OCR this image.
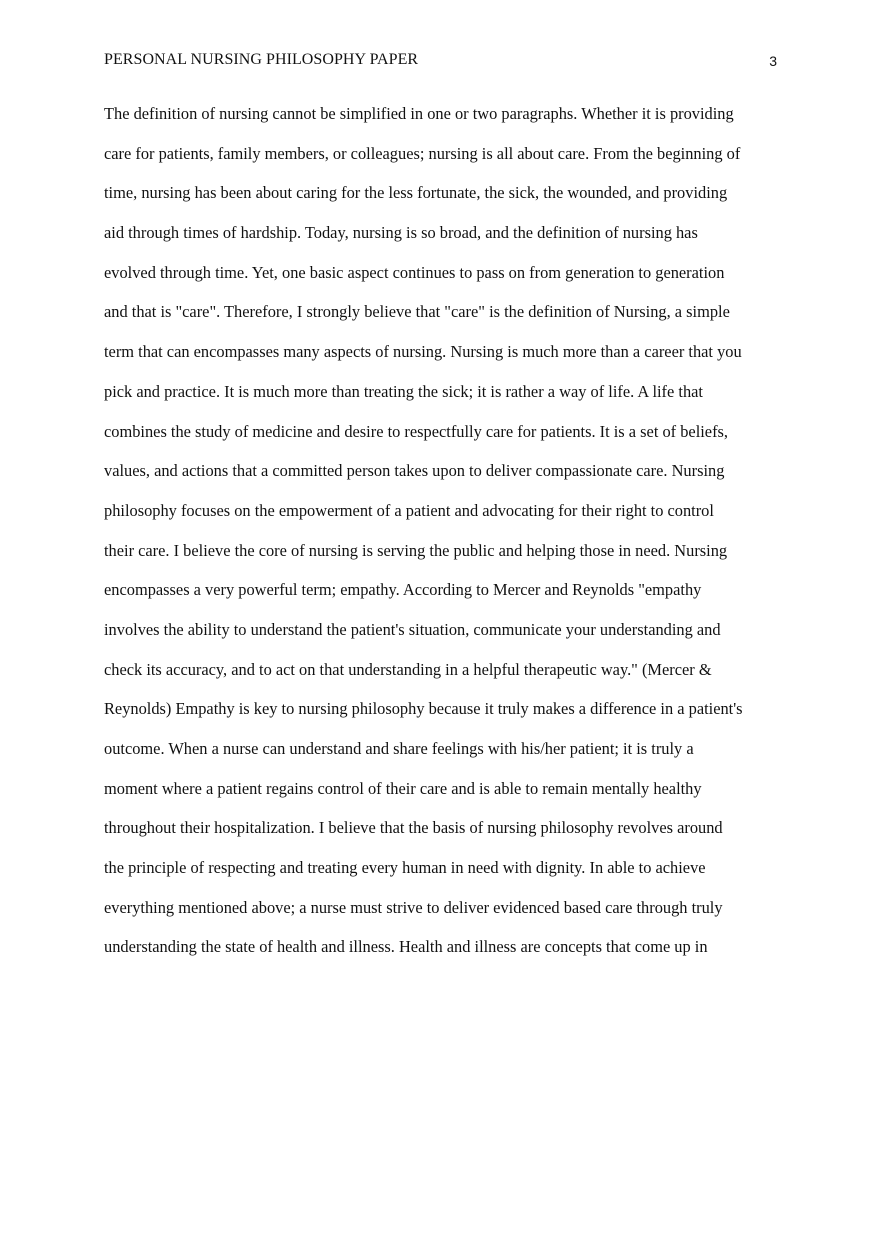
PERSONAL NURSING PHILOSOPHY PAPER	3
The definition of nursing cannot be simplified in one or two paragraphs. Whether it is providing
care for patients, family members, or colleagues; nursing is all about care. From the beginning of
time, nursing has been about caring for the less fortunate, the sick, the wounded, and providing
aid through times of hardship. Today, nursing is so broad, and the definition of nursing has
evolved through time. Yet, one basic aspect continues to pass on from generation to generation
and that is "care". Therefore, I strongly believe that "care" is the definition of Nursing, a simple
term that can encompasses many aspects of nursing. Nursing is much more than a career that you
pick and practice. It is much more than treating the sick; it is rather a way of life. A life that
combines the study of medicine and desire to respectfully care for patients. It is a set of beliefs,
values, and actions that a committed person takes upon to deliver compassionate care. Nursing
philosophy focuses on the empowerment of a patient and advocating for their right to control
their care. I believe the core of nursing is serving the public and helping those in need. Nursing
encompasses a very powerful term; empathy. According to Mercer and Reynolds "empathy
involves the ability to understand the patient's situation, communicate your understanding and
check its accuracy, and to act on that understanding in a helpful therapeutic way." (Mercer &
Reynolds) Empathy is key to nursing philosophy because it truly makes a difference in a patient's
outcome. When a nurse can understand and share feelings with his/her patient; it is truly a
moment where a patient regains control of their care and is able to remain mentally healthy
throughout their hospitalization. I believe that the basis of nursing philosophy revolves around
the principle of respecting and treating every human in need with dignity. In able to achieve
everything mentioned above; a nurse must strive to deliver evidenced based care through truly
understanding the state of health and illness. Health and illness are concepts that come up in
